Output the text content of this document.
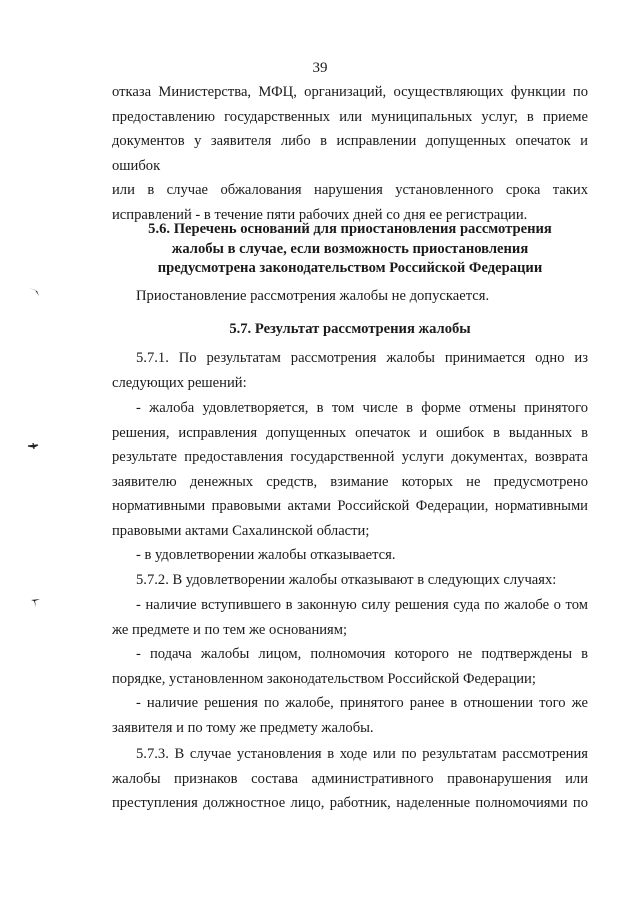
39
отказа Министерства, МФЦ, организаций, осуществляющих функции по
предоставлению государственных или муниципальных услуг, в приеме
документов у заявителя либо в исправлении допущенных опечаток и ошибок
или в случае обжалования нарушения установленного срока таких
исправлений - в течение пяти рабочих дней со дня ее регистрации.
5.6. Перечень оснований для приостановления рассмотрения
жалобы в случае, если возможность приостановления
предусмотрена законодательством Российской Федерации
Приостановление рассмотрения жалобы не допускается.
5.7. Результат рассмотрения жалобы
5.7.1. По результатам рассмотрения жалобы принимается одно из
следующих решений:
- жалоба удовлетворяется, в том числе в форме отмены принятого
решения, исправления допущенных опечаток и ошибок в выданных в
результате предоставления государственной услуги документах, возврата
заявителю денежных средств, взимание которых не предусмотрено
нормативными правовыми актами Российской Федерации, нормативными
правовыми актами Сахалинской области;
- в удовлетворении жалобы отказывается.
5.7.2. В удовлетворении жалобы отказывают в следующих случаях:
- наличие вступившего в законную силу решения суда по жалобе о том
же предмете и по тем же основаниям;
- подача жалобы лицом, полномочия которого не подтверждены в
порядке, установленном законодательством Российской Федерации;
- наличие решения по жалобе, принятого ранее в отношении того же
заявителя и по тому же предмету жалобы.
5.7.3. В случае установления в ходе или по результатам рассмотрения
жалобы признаков состава административного правонарушения или
преступления должностное лицо, работник, наделенные полномочиями по
